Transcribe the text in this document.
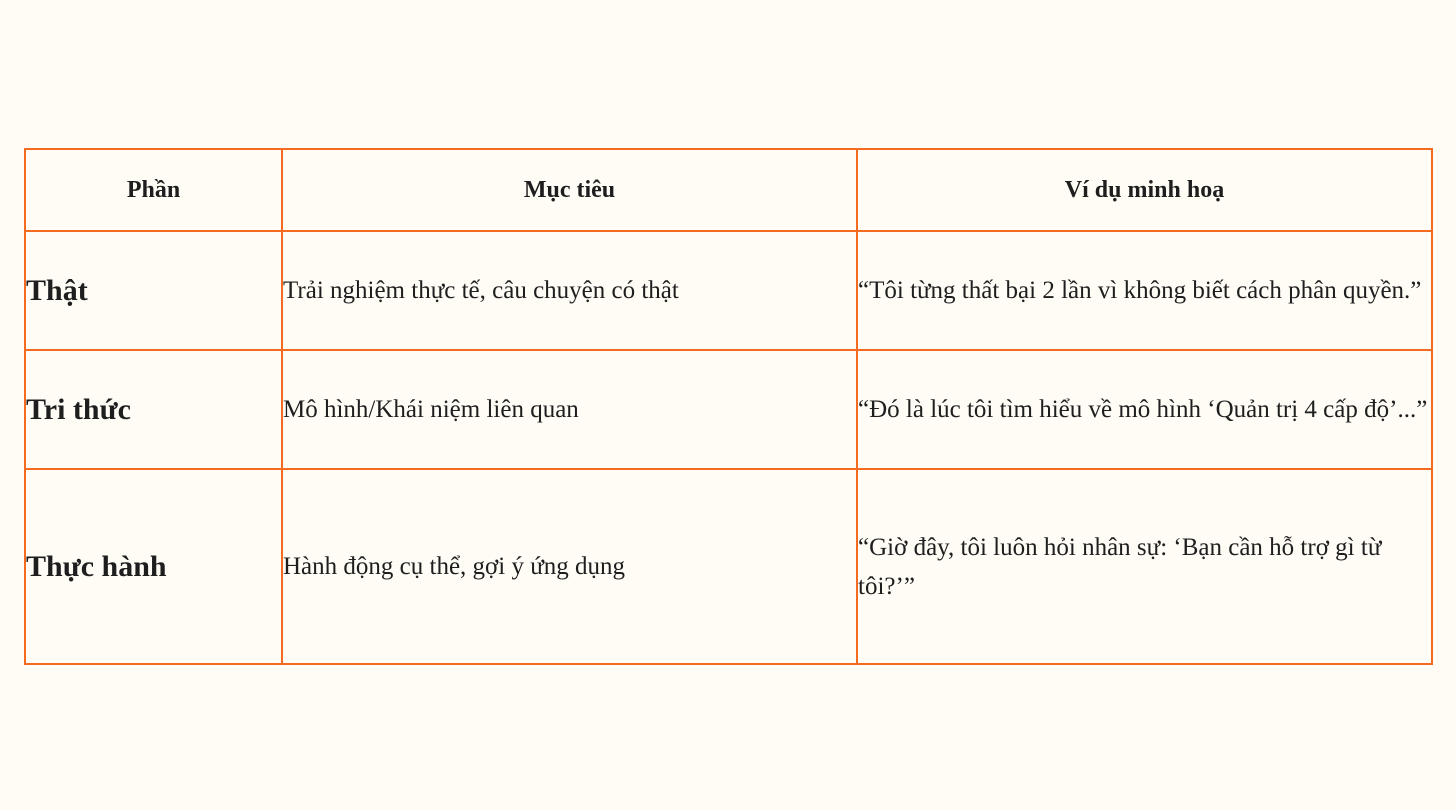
Phần	Mục tiêu	Ví dụ minh hoạ
Thật	Trải nghiệm thực tế, câu chuyện có thật	“Tôi từng thất bại 2 lần vì không biết cách phân quyền.”
Tri thức	Mô hình/Khái niệm liên quan	“Đó là lúc tôi tìm hiểu về mô hình ‘Quản trị 4 cấp độ’...”
Thực hành	Hành động cụ thể, gợi ý ứng dụng	“Giờ đây, tôi luôn hỏi nhân sự: ‘Bạn cần hỗ trợ gì từ tôi?’”
